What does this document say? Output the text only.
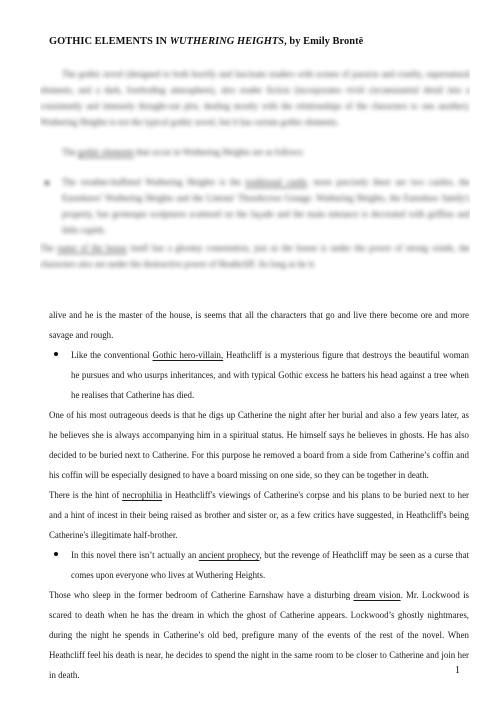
GOTHIC ELEMENTS IN WUTHERING HEIGHTS, by Emily Brontë

The gothic novel (designed to both horrify and fascinate readers with scenes of passion and cruelty, supernatural elements, and a dark, foreboding atmosphere), also reader fiction (incorporates vivid circumstantial detail into a consistently and intensely thought-out plot, dealing mostly with the relationships of the characters to one another). Wuthering Heights is not the typical gothic novel, but it has certain gothic elements.

The gothic elements that occur in Wuthering Heights are as follows:

The weather-buffeted Wuthering Heights is the traditional castle, more precisely there are two castles, the Earnshaws' Wuthering Heights and the Lintons' Thrushcross Grange. Wuthering Heights, the Earnshaw family's property, has grotesque sculptures scattered on the façade and the main entrance is decorated with griffins and little cupids.

The name of the house itself has a gloomy connotation, just as the house is under the power of strong winds, the characters also are under the destructive power of Heathcliff. As long as he is

alive and he is the master of the house, is seems that all the characters that go and live there become ore and more savage and rough.

Like the conventional Gothic hero-villain, Heathcliff is a mysterious figure that destroys the beautiful woman he pursues and who usurps inheritances, and with typical Gothic excess he batters his head against a tree when he realises that Catherine has died.

One of his most outrageous deeds is that he digs up Catherine the night after her burial and also a few years later, as he believes she is always accompanying him in a spiritual status. He himself says he believes in ghosts. He has also decided to be buried next to Catherine. For this purpose he removed a board from a side from Catherine’s coffin and his coffin will be especially designed to have a board missing on one side, so they can be together in death.

There is the hint of necrophilia in Heathcliff's viewings of Catherine's corpse and his plans to be buried next to her and a hint of incest in their being raised as brother and sister or, as a few critics have suggested, in Heathcliff's being Catherine's illegitimate half-brother.

In this novel there isn’t actually an ancient prophecy, but the revenge of Heathcliff may be seen as a curse that comes upon everyone who lives at Wuthering Heights.

Those who sleep in the former bedroom of Catherine Earnshaw have a disturbing dream vision. Mr. Lockwood is scared to death when he has the dream in which the ghost of Catherine appears. Lockwood’s ghostly nightmares, during the night he spends in Catherine’s old bed, prefigure many of the events of the rest of the novel. When Heathcliff feel his death is near, he decides to spend the night in the same room to be closer to Catherine and join her in death.	1
